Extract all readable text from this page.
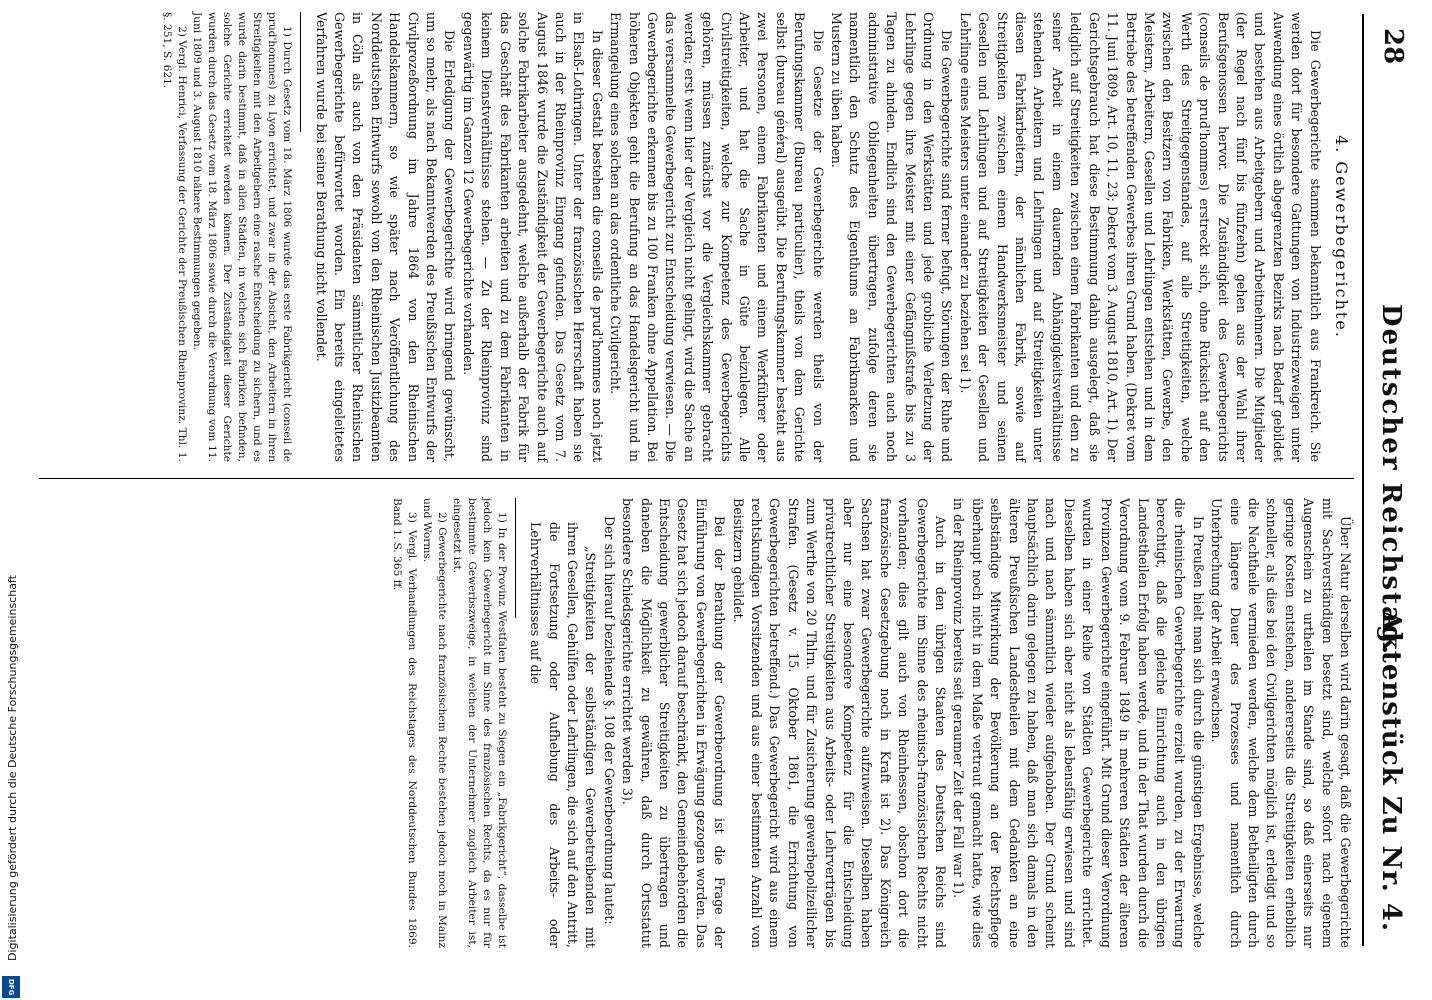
28
Deutscher Reichstag.
Aktenstück Zu Nr. 4.
4. Gewerbegerichte.

Die Gewerbegerichte stammen bekanntlich aus Frankreich. Sie werden dort für besondere Gattungen von Industriezweigen unter Auwendung eines örtlich abgegrenzten Bezirks nach Bedarf gebildet und bestehen aus Arbeitgebern und Arbeitnehmern. Die Mitglieder (der Regel nach fünf bis fünfzehn) gehen aus der Wahl ihrer Berufsgenossen hervor. Die Zuständigkeit des Gewerbegerichts (conseils de prud'hommes) erstreckt sich, ohne Rücksicht auf den Werth des Streitgegenstandes, auf alle Streitigkeiten, welche zwischen den Besitzern von Fabriken, Werkstätten, Gewerbe, den Meistern, Arbeitern, Gesellen und Lehrlingen entstehen und in dem Betriebe des betreffenden Gewerbes ihren Grund haben. (Dekret vom 11. Juni 1809, Art. 10, 11, 23; Dekret vom 3. August 1810, Art. 1). Der Gerichtsgebrauch hat diese Bestimmung dahin ausgelegt, daß sie lediglich auf Streitigkeiten zwischen einem Fabrikanten und dem zu seiner Arbeit in einem dauernden Abhängigkeitsverhältnisse stehenden Arbeitern und Lehrlingen und auf Streitigkeiten unter diesen Fabrikarbeitern, der nämlichen Fabrik, sowie auf Streitigkeiten zwischen einem Handwerksmeister und seinen Gesellen und Lehrlingen und auf Streitigkeiten der Gesellen und Lehrlinge eines Meisters unter einander zu beziehen sei 1).

Die Gewerbegerichte sind ferner befugt, Störungen der Ruhe und Ordnung in den Werkstätten und jede grobliche Verletzung der Lehrlinge gegen ihre Meister mit einer Gefängnißstrafe bis zu 3 Tagen zu ahnden. Endlich sind den Gewerbegerichten auch noch administrative Obliegenheiten übertragen, zufolge deren sie namentlich den Schutz des Eigenthums an Fabrikmarken und Mustern zu üben haben.

Die Gesetze der Gewerbegerichte werden theils von der Berufungskammer (Bureau particulier), theils von dem Gerichte selbst (bureau général) ausgeübt. Die Berufungskammer besteht aus zwei Personen, einem Fabrikanten und einem Werkführer oder Arbeiter, und hat die Sache in Güte beizulegen. Alle Civilstreitigkeiten, welche zur Kompetenz des Gewerbegerichts gehören, müssen zunächst vor die Vergleichskammer gebracht werden; erst wenn hier der Vergleich nicht gelingt, wird die Sache an das versammelte Gewerbegericht zur Entscheidung verwiesen. — Die Gewerbegerichte erkennen bis zu 100 Franken ohne Appellation. Bei höheren Objekten geht die Berufung an das Handelsgericht und in Ermangelung eines solchen an das ordentliche Civilgericht.

In dieser Gestalt bestehen die conseils de prud'hommes noch jetzt in Elsaß-Lothringen. Unter der französischen Herrschaft haben sie auch in der Rheinprovinz Eingang gefunden. Das Gesetz vom 7. August 1846 wurde die Zuständigkeit der Gewerbegerichte auch auf solche Fabrikarbeiter ausgedehnt, welche außerhalb der Fabrik für das Geschäft des Fabrikanten arbeiten und zu dem Fabrikanten in keinem Dienstverhältnisse stehen. — Zu der Rheinprovinz sind gegenwärtig im Ganzen 12 Gewerbegerichte vorhanden.

Die Erledigung der Gewerbegerichte wird bringend gewünscht, um so mehr, als nach Bekanntwerden des Preußischen Entwurfs der Civilprozeßordnung im Jahre 1864 von den Rheinischen Handelskammern, so wie später nach Veröffentlichung des Norddeutschen Entwurfs sowohl von den Rheinischen Justizbeamten in Cöln als auch von den Präsidenten sämmtlicher Rheinischen Gewerbegerichte befürwortet worden. Ein bereits eingeleitetes Verfahren wurde bei seiner Berathung nicht vollendet.

1) Durch Gesetz vom 18. März 1806 wurde das erste Fabrikgericht (conseil de prud'hommes) zu Lyon errichtet, und zwar in der Absicht, den Arbeitern in ihren Streitigkeiten mit den Arbeitgebern eine rasche Entscheidung zu sichern, und es wurde darin bestimmt, daß in allen Städten, in welchen sich Fabriken befinden, solche Gerichte errichtet werden können. Der Zuständigkeit dieser Gerichte wurden durch das Gesetz vom 18. März 1806 sowie durch die Verordnung vom 11. Juni 1809 und 3. August 1810 nähere Bestimmungen gegeben.

2) Vergl. Henrici, Verfassung der Gerichte der Preußischen Rheinprovinz. Thl. 1. §. 251, S. 621.

Über Natur derselben wird darin gesagt, daß die Gewerbegerichte mit Sachverständigen besetzt sind, welche sofort nach eigenem Augenschein zu urtheilen im Stande sind, so daß einerseits nur geringe Kosten entstehen, andererseits die Streitigkeiten erheblich schneller, als dies bei den Civilgerichten möglich ist, erledigt und so die Nachtheile vermieden werden, welche dem Betheiligten durch eine längere Dauer des Prozesses und namentlich durch Unterbrechung der Arbeit erwachsen.

In Preußen hielt man sich durch die günstigen Ergebnisse, welche die rheinischen Gewerbegerichte erzielt wurden, zu der Erwartung berechtigt, daß die gleiche Einrichtung auch in den übrigen Landestheilen Erfolg haben werde, und in der That wurden durch die Verordnung vom 9. Februar 1849 in mehreren Städten der älteren Provinzen Gewerbegerichte eingeführt. Mit Grund dieser Verordnung wurden in einer Reihe von Städten Gewerbegerichte errichtet. Dieselben haben sich aber nicht als lebensfähig erwiesen und sind nach und nach sämmtlich wieder aufgehoben. Der Grund scheint hauptsächlich darin gelegen zu haben, daß man sich damals in den älteren Preußischen Landestheilen mit dem Gedanken an eine selbständige Mitwirkung der Bevölkerung an der Rechtspflege überhaupt noch nicht in dem Maße vertraut gemacht hatte, wie dies in der Rheinprovinz bereits seit geraumer Zeit der Fall war 1).

Auch in den übrigen Staaten des Deutschen Reichs sind Gewerbegerichte im Sinne des rheinisch-französischen Rechts nicht vorhanden; dies gilt auch von Rheinhessen, obschon dort die französische Gesetzgebung noch in Kraft ist 2). Das Königreich Sachsen hat zwar Gewerbegerichte aufzuweisen. Dieselben haben aber nur eine besondere Kompetenz für die Entscheidung privatrechtlicher Streitigkeiten aus Arbeits- oder Lehrverträgen bis zum Werthe von 20 Thlrn. und für Zusicherung gewerbepolizeilicher Strafen. (Gesetz v. 15. Oktober 1861, die Errichtung von Gewerbegerichten betreffend.) Das Gewerbegericht wird aus einem rechtskundigen Vorsitzenden und aus einer bestimmten Anzahl von Beisitzern gebildet.

Bei der Berathung der Gewerbeordnung ist die Frage der Einführung von Gewerbegerichten in Erwägung gezogen worden. Das Gesetz hat sich jedoch darauf beschränkt, den Gemeindebehörden die Entscheidung gewerblicher Streitigkeiten zu übertragen und daneben die Möglichkeit zu gewähren, daß durch Ortsstatut besondere Schiedsgerichte errichtet werden 3).

Der sich hierauf beziehende §. 108 der Gewerbeordnung lautet:

„Streitigkeiten der selbständigen Gewerbetreibenden mit ihren Gesellen, Gehülfen oder Lehrlingen, die sich auf den Antritt, die Fortsetzung oder Aufhebung des Arbeits- oder Lehrverhältnisses auf die

1) In der Provinz Westfalen besteht zu Siegen ein „Fabrikgericht“, dasselbe ist jedoch kein Gewerbegericht im Sinne des französischen Rechts, da es nur für bestimmte Gewerbszweige, in welchen der Unternehmer zugleich Arbeiter ist, eingesetzt ist.

2) Gewerbegerichte nach französischem Rechte bestehen jedoch noch in Mainz und Worms.

3) Vergl. Verhandlungen des Reichstages des Norddeutschen Bundes 1869. Band 1. S. 365 ff.

Digitalisierung gefördert durch die Deutsche Forschungsgemeinschaft
DFG
